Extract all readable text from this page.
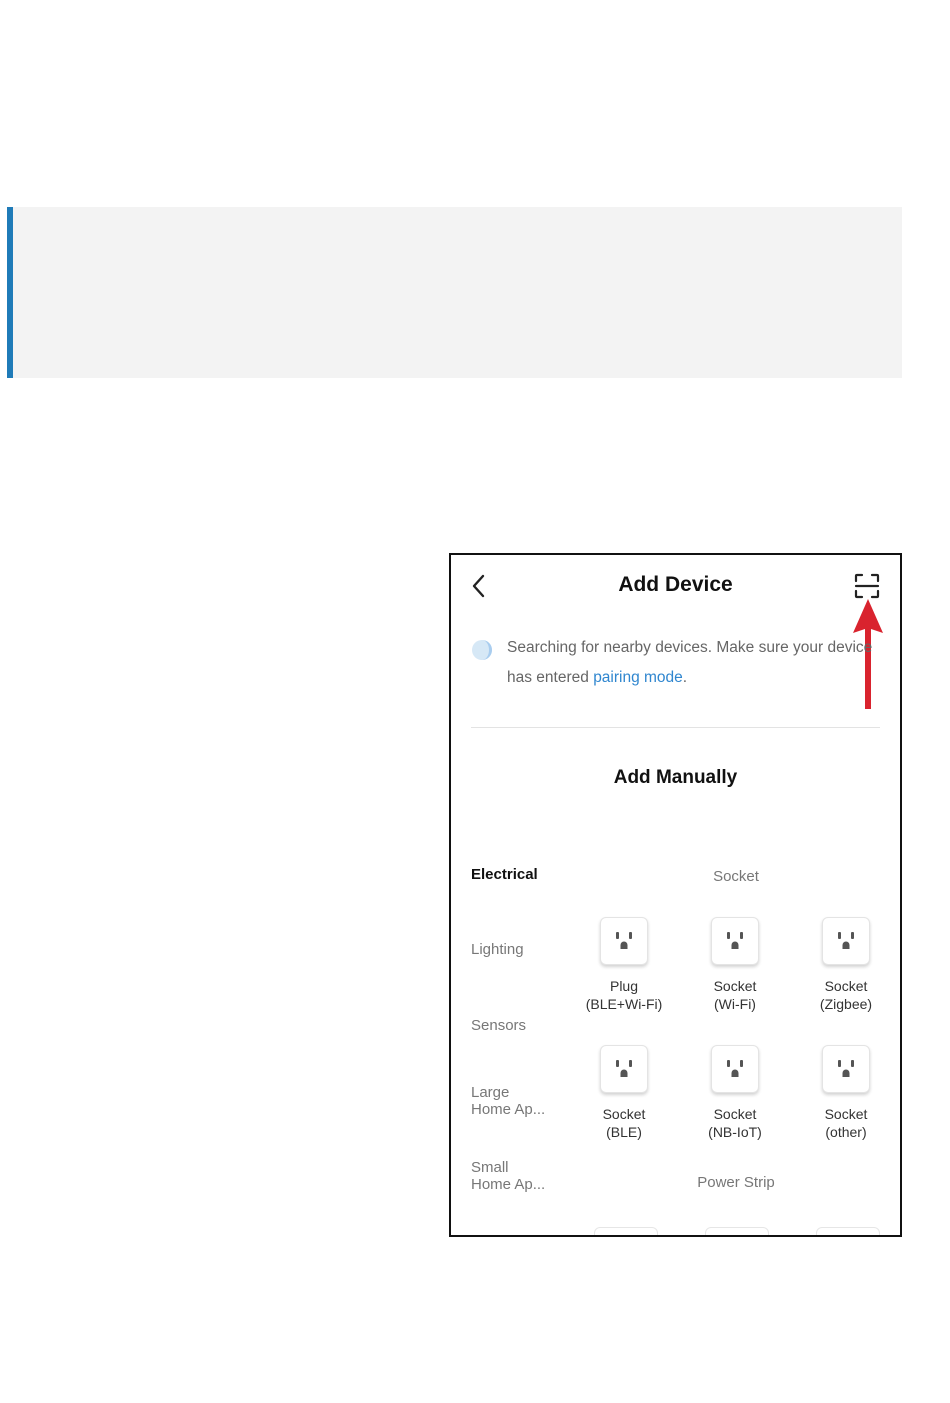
Add Device
Searching for nearby devices. Make sure your device has entered pairing mode.
Add Manually
Electrical
Lighting
Sensors
Large
Home Ap...
Small
Home Ap...
Socket
Power Strip
Plug
(BLE+Wi-Fi)
Socket
(Wi-Fi)
Socket
(Zigbee)
Socket
(BLE)
Socket
(NB-IoT)
Socket
(other)
